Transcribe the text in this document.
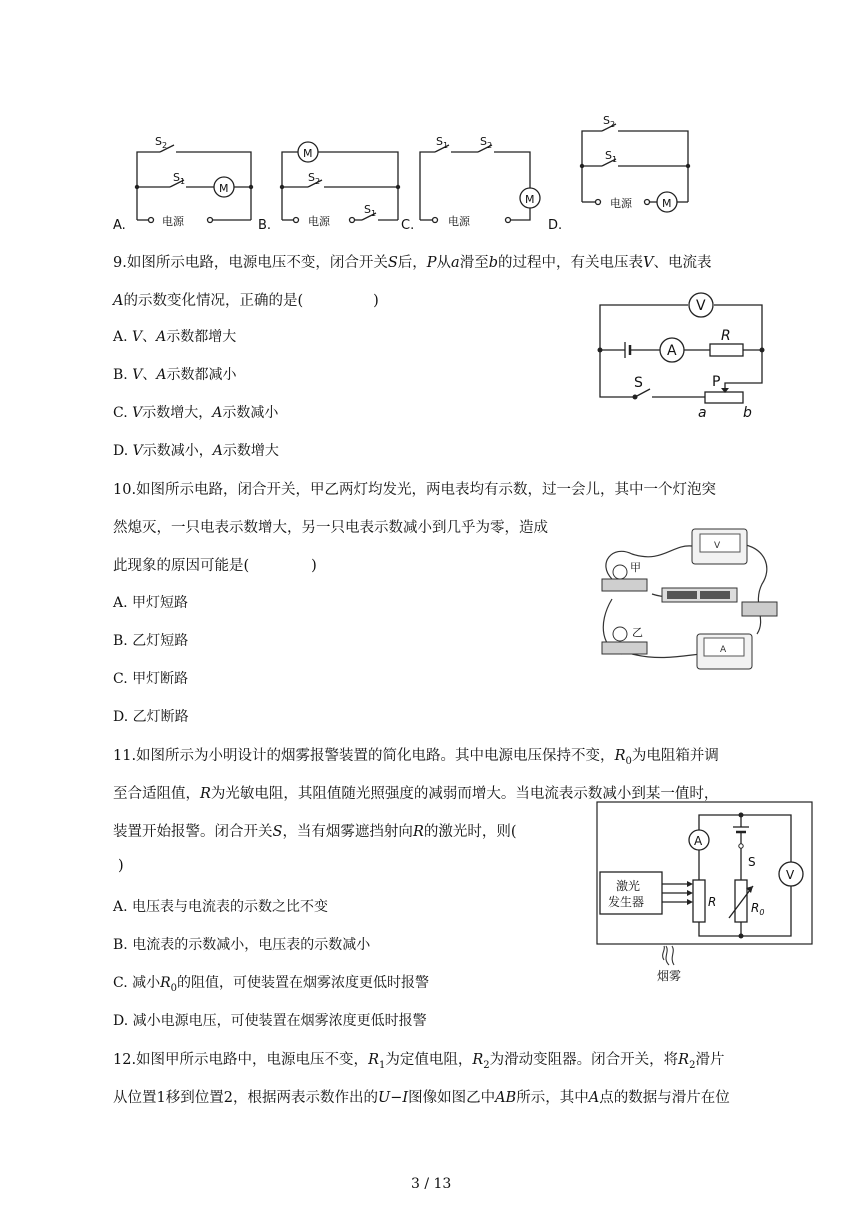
$S_2$
$S_1$
M
电源
M
$S_2$
电源
$S_1$
$S_1$	$S_2$
M
电源
$S_2$
$S_1$
电源	M
A.	B.	C.	D.
9.如图所示电路，电源电压不变，闭合开关S后，P从a滑至b的过程中，有关电压表V、电流表
A的示数变化情况，正确的是(	)
A. V、A示数都增大
B. V、A示数都减小
C. V示数增大，A示数减小
D. V示数减小，A示数增大
V
A
R
S	P
a	b
10.如图所示电路，闭合开关，甲乙两灯均发光，两电表均有示数，过一会儿，其中一个灯泡突
然熄灭，一只电表示数增大，另一只电表示数减小到几乎为零，造成
此现象的原因可能是(	)
A. 甲灯短路
B. 乙灯短路
C. 甲灯断路
D. 乙灯断路
V
甲
乙
A
11.如图所示为小明设计的烟雾报警装置的简化电路。其中电源电压保持不变，$R_0$为电阻箱并调
至合适阻值，R为光敏电阻，其阻值随光照强度的减弱而增大。当电流表示数减小到某一值时，
装置开始报警。闭合开关S，当有烟雾遮挡射向R的激光时，则(
)
A. 电压表与电流表的示数之比不变
B. 电流表的示数减小，电压表的示数减小
C. 减小$R_0$的阻值，可使装置在烟雾浓度更低时报警
D. 减小电源电压，可使装置在烟雾浓度更低时报警
A
V
S
R	$R_0$
激光
发生器
烟雾
12.如图甲所示电路中，电源电压不变，$R_1$为定值电阻，$R_2$为滑动变阻器。闭合开关，将$R_2$滑片
从位置1移到位置2，根据两表示数作出的U−I图像如图乙中AB所示，其中A点的数据与滑片在位
3 / 13
